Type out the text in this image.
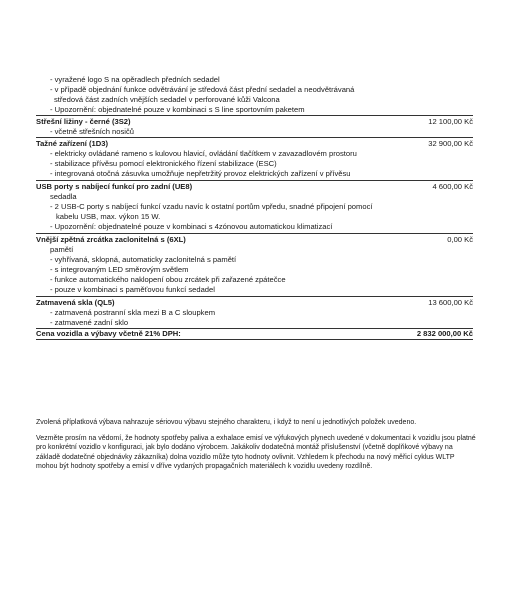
- vyražené logo S na opěradlech předních sedadel
- v případě objednání funkce odvětrávání je středová část přední sedadel a neodvětrávaná
středová část zadních vnějších sedadel v perforované kůži Valcona
- Upozornění: objednatelné pouze v kombinaci s S line sportovním paketem
Střešní ližiny - černé (3S2)	12 100,00 Kč
- včetně střešních nosičů
Tažné zařízení (1D3)	32 900,00 Kč
- elektricky ovládané rameno s kulovou hlavicí, ovládání tlačítkem v zavazadlovém prostoru
- stabilizace přívěsu pomocí elektronického řízení stabilizace (ESC)
- integrovaná otočná zásuvka umožňuje nepřetržitý provoz elektrických zařízení v přívěsu
USB porty s nabíjecí funkcí pro zadní (UE8)	4 600,00 Kč
sedadla
- 2 USB-C porty s nabíjecí funkcí vzadu navíc k ostatní portům vpředu, snadné připojení pomocí
kabelu USB, max. výkon 15 W.
- Upozornění: objednatelné pouze v kombinaci s 4zónovou automatickou klimatizací
Vnější zpětná zrcátka zaclonitelná s (6XL)	0,00 Kč
pamětí
- vyhřívaná, sklopná, automaticky zaclonitelná s pamětí
- s integrovaným LED směrovým světlem
- funkce automatického naklopení obou zrcátek při zařazené zpátečce
- pouze v kombinaci s paměťovou funkcí sedadel
Zatmavená skla (QL5)	13 600,00 Kč
- zatmavená postranní skla mezi B a C sloupkem
- zatmavené zadní sklo
Cena vozidla a výbavy včetně 21% DPH:	2 832 000,00 Kč
Zvolená příplatková výbava nahrazuje sériovou výbavu stejného charakteru, i když to není u jednotlivých položek uvedeno.
Vezměte prosím na vědomí, že hodnoty spotřeby paliva a exhalace emisí ve výfukových plynech uvedené v dokumentaci k vozidlu jsou platné pro konkrétní vozidlo v konfiguraci, jak bylo dodáno výrobcem. Jakákoliv dodatečná montáž příslušenství (včetně doplňkové výbavy na základě dodatečné objednávky zákazníka) dolna vozidlo může tyto hodnoty ovlivnit. Vzhledem k přechodu na nový měřicí cyklus WLTP mohou být hodnoty spotřeby a emisí v dříve vydaných propagačních materiálech k vozidlu uvedeny rozdílně.
